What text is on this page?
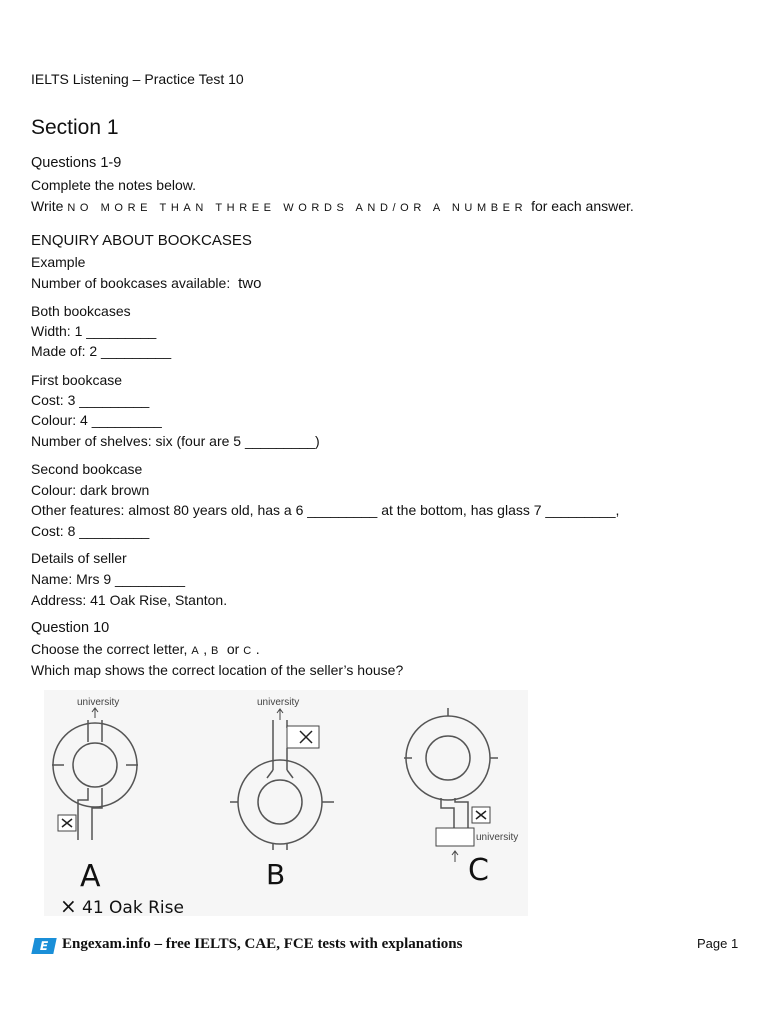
IELTS Listening – Practice Test 10
Section 1
Questions 1-9
Complete the notes below.
Write NO MORE THAN THREE WORDS AND/OR A NUMBER for each answer.
ENQUIRY ABOUT BOOKCASES
Example
Number of bookcases available: two
Both bookcases
Width: 1 _________
Made of: 2 _________
First bookcase
Cost: 3 _________
Colour: 4 _________
Number of shelves: six (four are 5 _________)
Second bookcase
Colour: dark brown
Other features: almost 80 years old, has a 6 _________ at the bottom, has glass 7 _________,
Cost: 8 _________
Details of seller
Name: Mrs 9 _________
Address: 41 Oak Rise, Stanton.
Question 10
Choose the correct letter, A, B or C.
Which map shows the correct location of the seller’s house?
university
A
university
B
university
C
× 41 Oak Rise
E Engexam.info – free IELTS, CAE, FCE tests with explanations	Page 1
